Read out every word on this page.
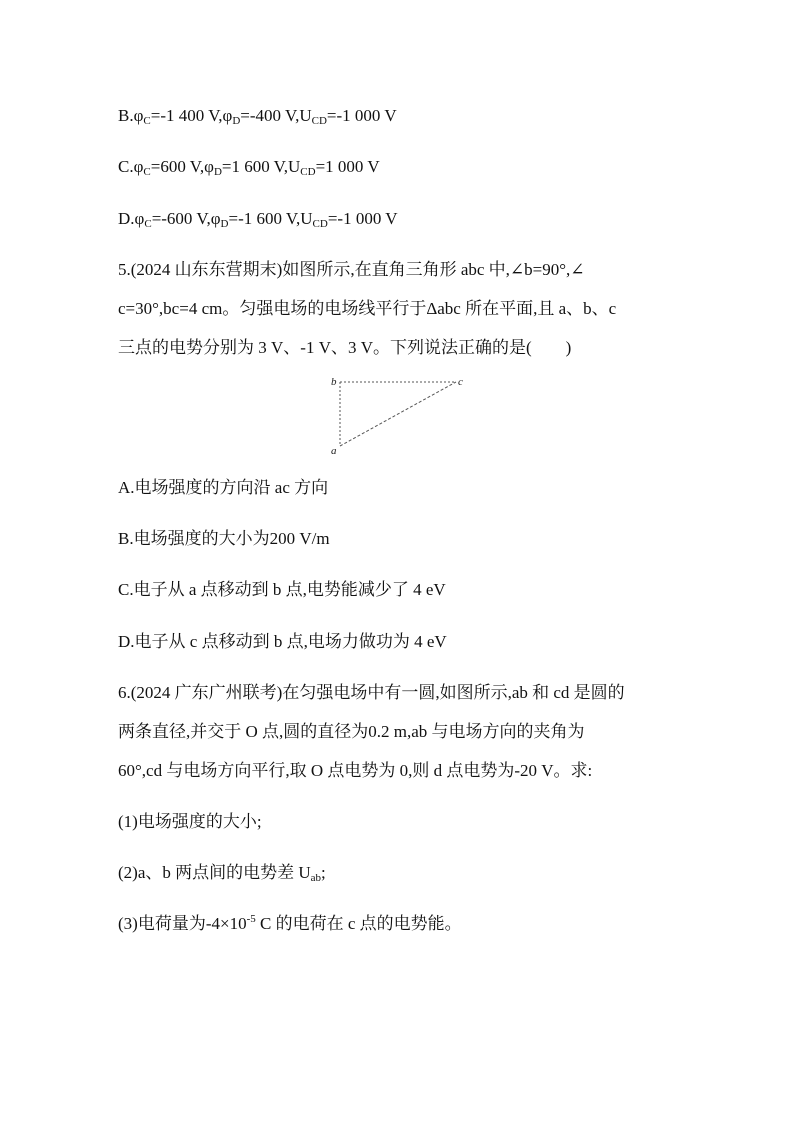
$B.\varphi_C=-1$ 400 $V,\varphi_D=-400$ $V,U_{CD}=-1$ 000 V
$C.\varphi_C=600$ $V,\varphi_D=1$ 600 $V,U_{CD}=1$ 000 V
$D.\varphi_C=-600$ $V,\varphi_D=-1$ 600 $V,U_{CD}=-1$ 000 V
5.(2024 山东东营期末)如图所示,在直角三角形 abc 中,∠b=90°,∠
c=30°,bc=4 cm。匀强电场的电场线平行于Δabc 所在平面,且 a、b、c
三点的电势分别为 3 V、-1 V、3 V。下列说法正确的是(　　)
b	c
a
A.电场强度的方向沿 ac 方向
B.电场强度的大小为200 V/m
C.电子从 a 点移动到 b 点,电势能减少了 4 eV
D.电子从 c 点移动到 b 点,电场力做功为 4 eV
6.(2024 广东广州联考)在匀强电场中有一圆,如图所示,ab 和 cd 是圆的
两条直径,并交于 O 点,圆的直径为0.2 m,ab 与电场方向的夹角为
60°,cd 与电场方向平行,取 O 点电势为 0,则 d 点电势为-20 V。求:
(1)电场强度的大小;
(2)a、b 两点间的电势差 $U_{ab}$;
(3)电荷量为$-4\times 10^{-5}$ C 的电荷在 c 点的电势能。
